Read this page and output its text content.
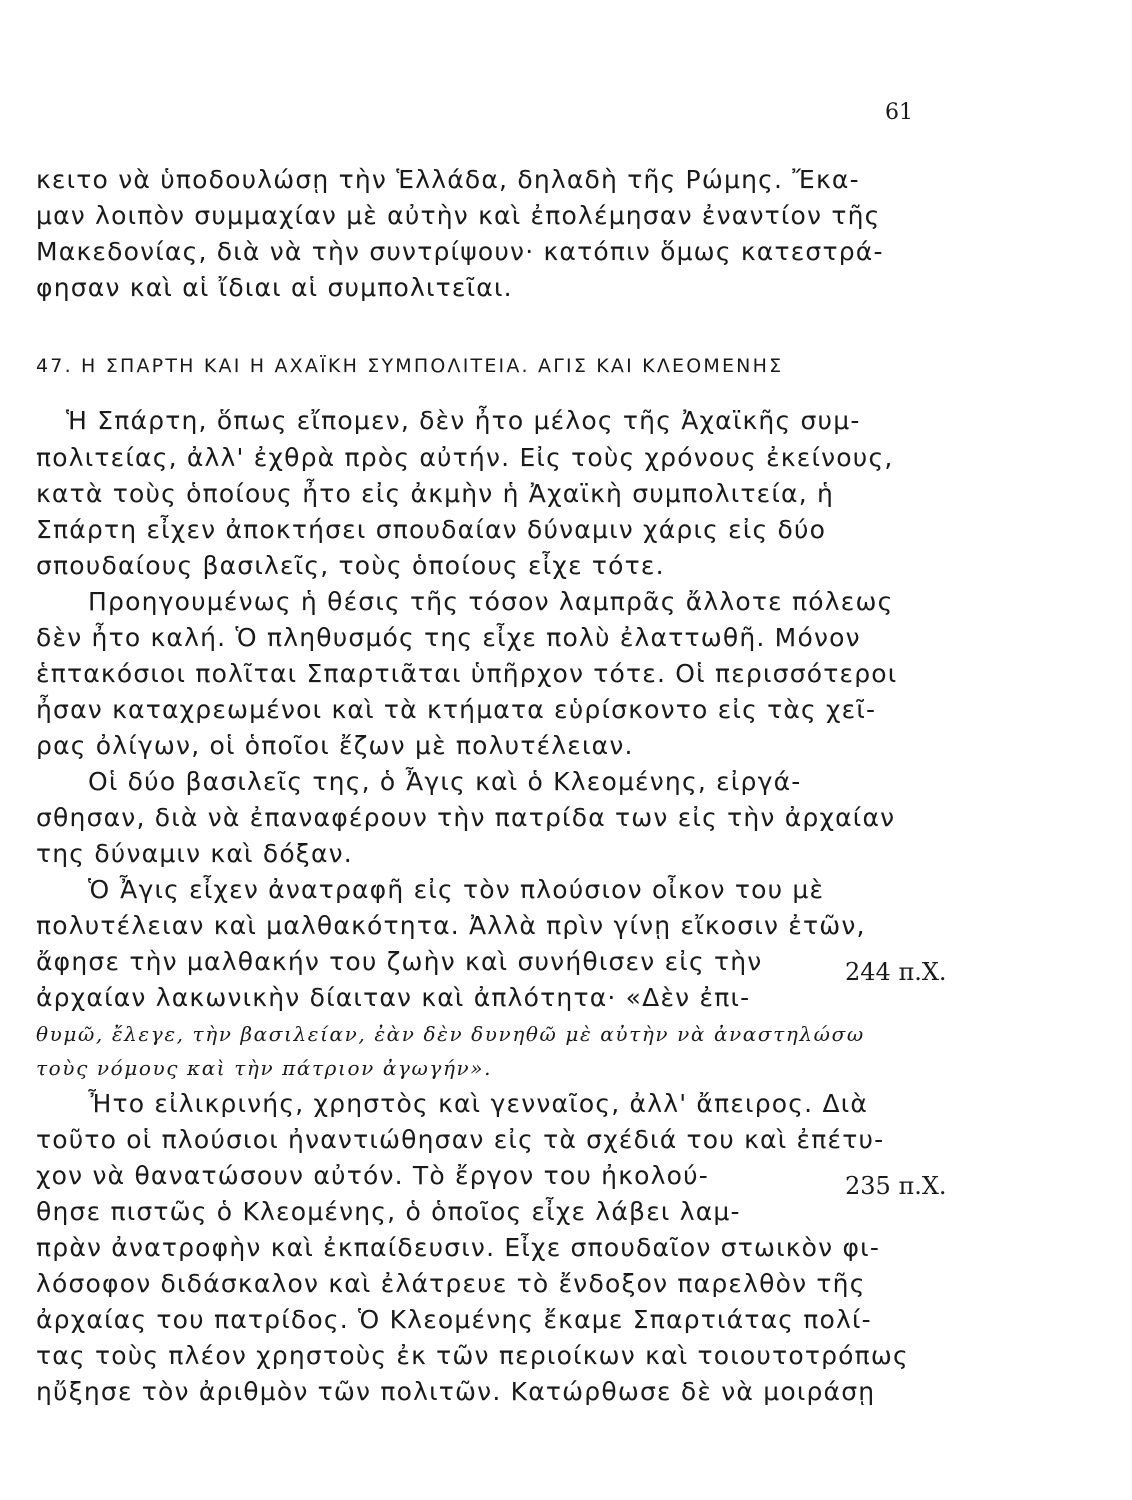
61
κειτο νὰ ὑποδουλώσῃ τὴν Ἑλλάδα, δηλαδὴ τῆς Ρώμης. Ἔκα-
μαν λοιπὸν συμμαχίαν μὲ αὐτὴν καὶ ἐπολέμησαν ἐναντίον τῆς
Μακεδονίας, διὰ νὰ τὴν συντρίψουν· κατόπιν ὅμως κατεστρά-
φησαν καὶ αἱ ἴδιαι αἱ συμπολιτεῖαι.
47. Η ΣΠΑΡΤΗ ΚΑΙ Η ΑΧΑΪΚΗ ΣΥΜΠΟΛΙΤΕΙΑ. ΑΓΙΣ ΚΑΙ ΚΛΕΟΜΕΝΗΣ
Ἡ Σπάρτη, ὅπως εἴπομεν, δὲν ἦτο μέλος τῆς Ἀχαϊκῆς συμ-
πολιτείας, ἀλλ' ἐχθρὰ πρὸς αὐτήν. Εἰς τοὺς χρόνους ἐκείνους,
κατὰ τοὺς ὁποίους ἦτο εἰς ἀκμὴν ἡ Ἀχαϊκὴ συμπολιτεία, ἡ
Σπάρτη εἶχεν ἀποκτήσει σπουδαίαν δύναμιν χάρις εἰς δύο
σπουδαίους βασιλεῖς, τοὺς ὁποίους εἶχε τότε.
Προηγουμένως ἡ θέσις τῆς τόσον λαμπρᾶς ἄλλοτε πόλεως
δὲν ἦτο καλή. Ὁ πληθυσμός της εἶχε πολὺ ἐλαττωθῆ. Μόνον
ἑπτακόσιοι πολῖται Σπαρτιᾶται ὑπῆρχον τότε. Οἱ περισσότεροι
ἦσαν καταχρεωμένοι καὶ τὰ κτήματα εὑρίσκοντο εἰς τὰς χεῖ-
ρας ὀλίγων, οἱ ὁποῖοι ἔζων μὲ πολυτέλειαν.
Οἱ δύο βασιλεῖς της, ὁ Ἆγις καὶ ὁ Κλεομένης, εἰργά-
σθησαν, διὰ νὰ ἐπαναφέρουν τὴν πατρίδα των εἰς τὴν ἀρχαίαν
της δύναμιν καὶ δόξαν.
Ὁ Ἆγις εἶχεν ἀνατραφῆ εἰς τὸν πλούσιον οἶκον του μὲ
πολυτέλειαν καὶ μαλθακότητα. Ἀλλὰ πρὶν γίνῃ εἴκοσιν ἐτῶν,
ἄφησε τὴν μαλθακήν του ζωὴν καὶ συνήθισεν εἰς τὴν
ἀρχαίαν λακωνικὴν δίαιταν καὶ ἀπλότητα· «Δὲν ἐπι-
θυμῶ, ἔλεγε, τὴν βασιλείαν, ἐὰν δὲν δυνηθῶ μὲ αὐτὴν νὰ ἀναστηλώσω
τοὺς νόμους καὶ τὴν πάτριον ἀγωγήν».
Ἦτο εἰλικρινής, χρηστὸς καὶ γενναῖος, ἀλλ' ἄπειρος. Διὰ
τοῦτο οἱ πλούσιοι ἠναντιώθησαν εἰς τὰ σχέδιά του καὶ ἐπέτυ-
χον νὰ θανατώσουν αὐτόν. Τὸ ἔργον του ἠκολού-
θησε πιστῶς ὁ Κλεομένης, ὁ ὁποῖος εἶχε λάβει λαμ-
πρὰν ἀνατροφὴν καὶ ἐκπαίδευσιν. Εἶχε σπουδαῖον στωικὸν φι-
λόσοφον διδάσκαλον καὶ ἐλάτρευε τὸ ἔνδοξον παρελθὸν τῆς
ἀρχαίας του πατρίδος. Ὁ Κλεομένης ἔκαμε Σπαρτιάτας πολί-
τας τοὺς πλέον χρηστοὺς ἐκ τῶν περιοίκων καὶ τοιουτοτρόπως
ηὔξησε τὸν ἀριθμὸν τῶν πολιτῶν. Κατώρθωσε δὲ νὰ μοιράσῃ
244 π.Χ.
235 π.Χ.
